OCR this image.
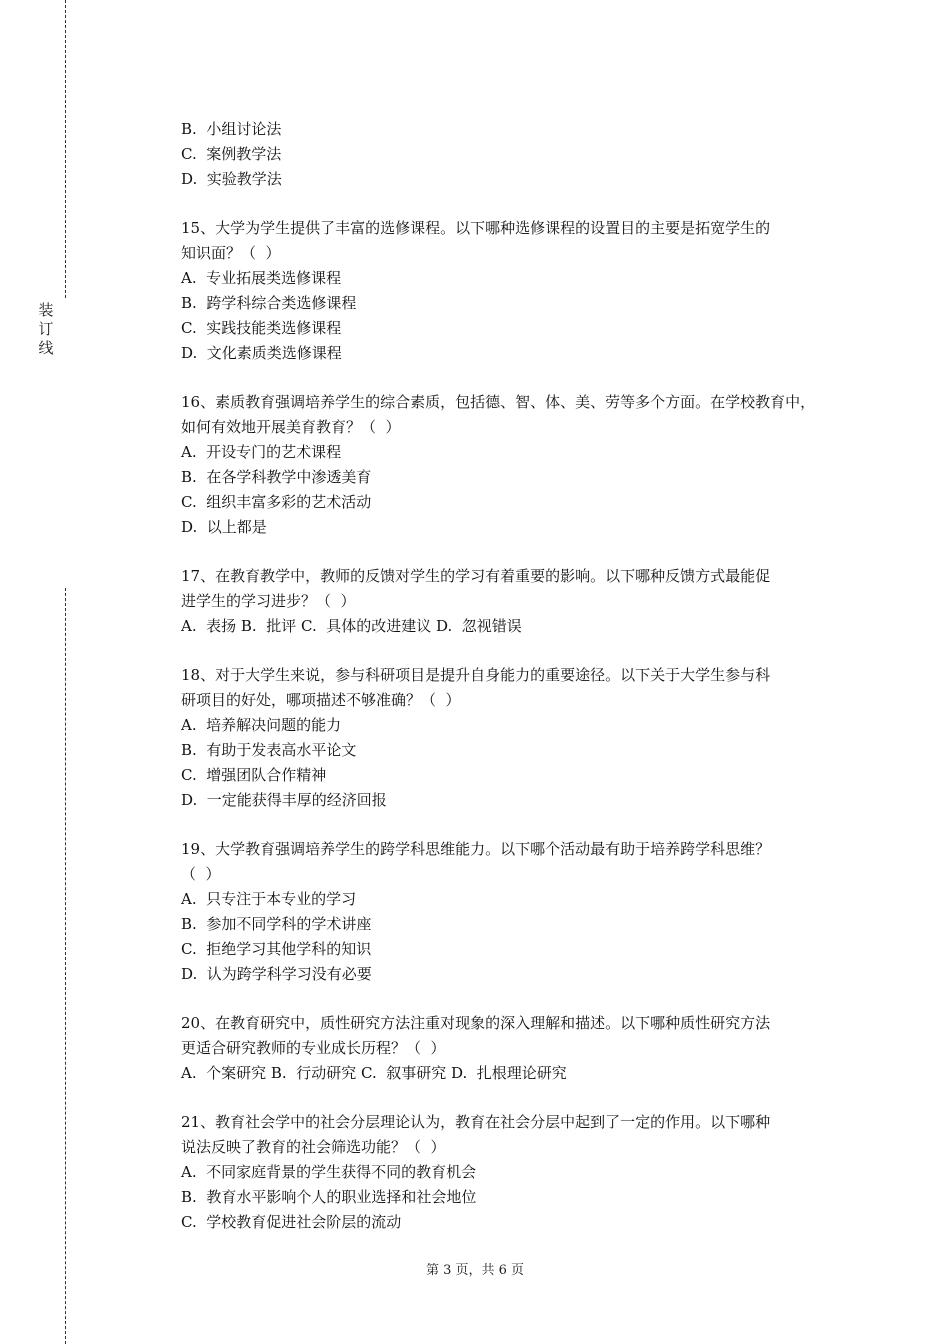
装
订
线
B.  小组讨论法
C.  案例教学法
D.  实验教学法
15、大学为学生提供了丰富的选修课程。以下哪种选修课程的设置目的主要是拓宽学生的
知识面？（  ）
A.  专业拓展类选修课程
B.  跨学科综合类选修课程
C.  实践技能类选修课程
D.  文化素质类选修课程
16、素质教育强调培养学生的综合素质，包括德、智、体、美、劳等多个方面。在学校教育中，
如何有效地开展美育教育？（  ）
A.  开设专门的艺术课程
B.  在各学科教学中渗透美育
C.  组织丰富多彩的艺术活动
D.  以上都是
17、在教育教学中，教师的反馈对学生的学习有着重要的影响。以下哪种反馈方式最能促
进学生的学习进步？（  ）
A.  表扬 B.  批评 C.  具体的改进建议 D.  忽视错误
18、对于大学生来说，参与科研项目是提升自身能力的重要途径。以下关于大学生参与科
研项目的好处，哪项描述不够准确？（  ）
A.  培养解决问题的能力
B.  有助于发表高水平论文
C.  增强团队合作精神
D.  一定能获得丰厚的经济回报
19、大学教育强调培养学生的跨学科思维能力。以下哪个活动最有助于培养跨学科思维？
（  ）
A.  只专注于本专业的学习
B.  参加不同学科的学术讲座
C.  拒绝学习其他学科的知识
D.  认为跨学科学习没有必要
20、在教育研究中，质性研究方法注重对现象的深入理解和描述。以下哪种质性研究方法
更适合研究教师的专业成长历程？（  ）
A.  个案研究 B.  行动研究 C.  叙事研究 D.  扎根理论研究
21、教育社会学中的社会分层理论认为，教育在社会分层中起到了一定的作用。以下哪种
说法反映了教育的社会筛选功能？（  ）
A.  不同家庭背景的学生获得不同的教育机会
B.  教育水平影响个人的职业选择和社会地位
C.  学校教育促进社会阶层的流动
第 3 页，共 6 页
